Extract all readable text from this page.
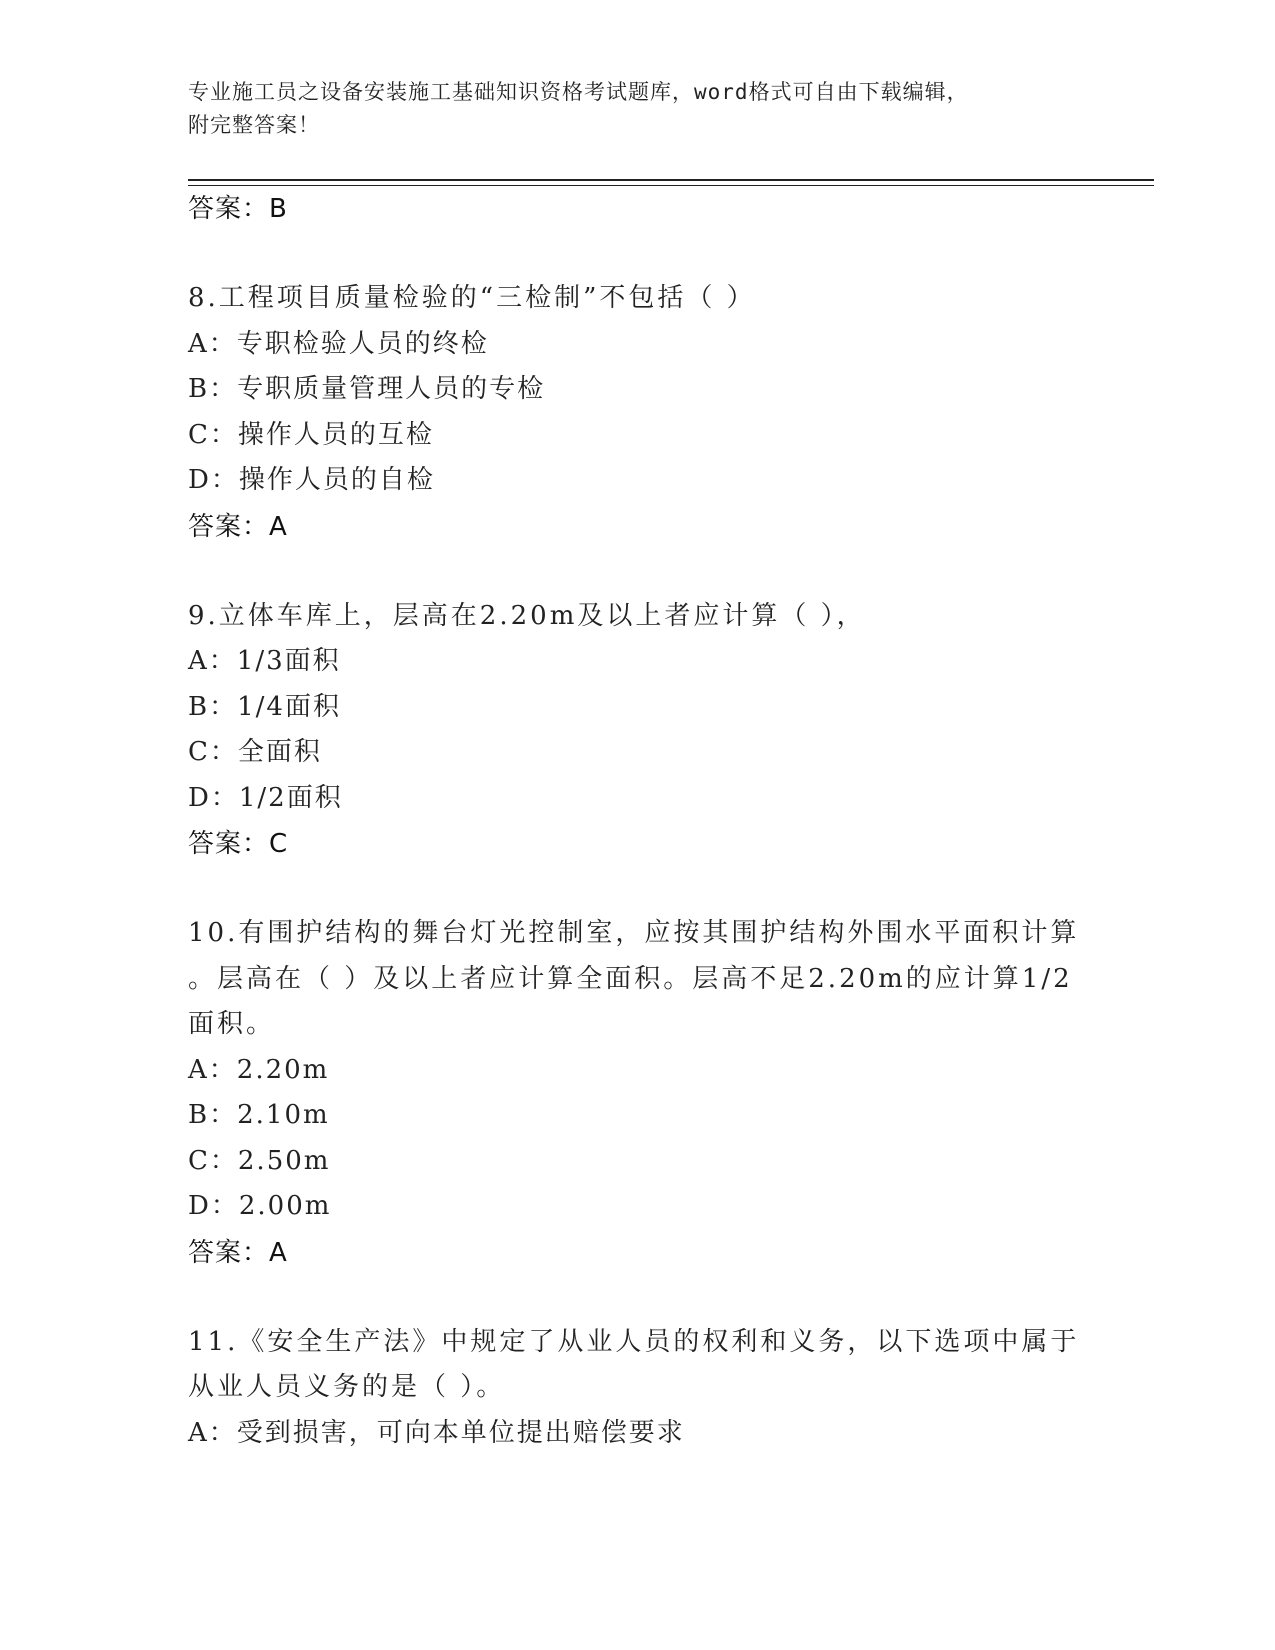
专业施工员之设备安装施工基础知识资格考试题库，word格式可自由下载编辑，
附完整答案！
答案：B
8.工程项目质量检验的“三检制”不包括（ ）
A：专职检验人员的终检
B：专职质量管理人员的专检
C：操作人员的互检
D：操作人员的自检
答案：A
9.立体车库上，层高在2.20m及以上者应计算（ ），
A：1/3面积
B：1/4面积
C：全面积
D：1/2面积
答案：C
10.有围护结构的舞台灯光控制室，应按其围护结构外围水平面积计算
。层高在（ ）及以上者应计算全面积。层高不足2.20m的应计算1/2
面积。
A：2.20m
B：2.10m
C：2.50m
D：2.00m
答案：A
11.《安全生产法》中规定了从业人员的权利和义务，以下选项中属于
从业人员义务的是（ ）。
A：受到损害，可向本单位提出赔偿要求
